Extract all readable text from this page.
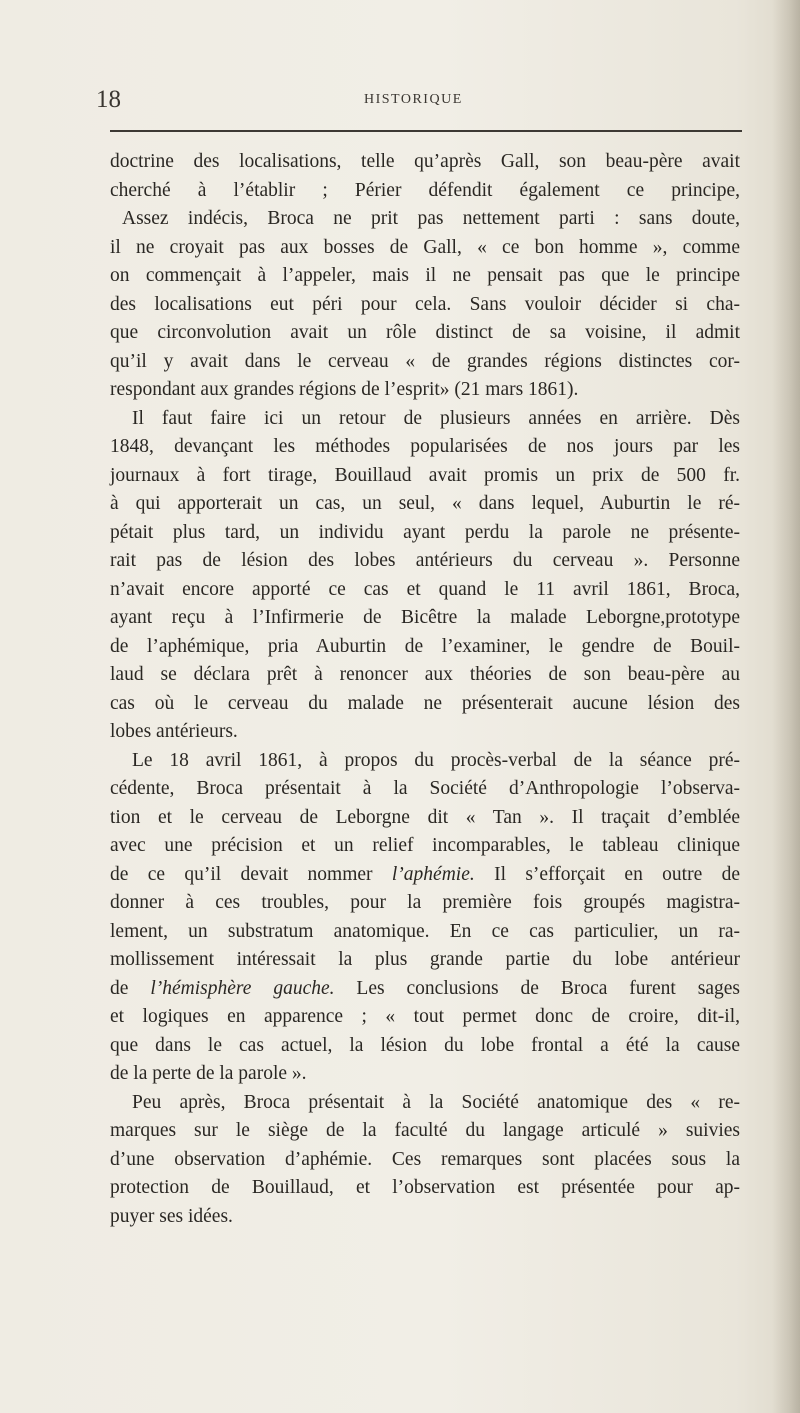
18	HISTORIQUE
doctrine des localisations, telle qu’après Gall, son beau-père avait
cherché à l’établir ; Périer défendit également ce principe,
Assez indécis, Broca ne prit pas nettement parti : sans doute,
il ne croyait pas aux bosses de Gall, « ce bon homme », comme
on commençait à l’appeler, mais il ne pensait pas que le principe
des localisations eut péri pour cela. Sans vouloir décider si cha-
que circonvolution avait un rôle distinct de sa voisine, il admit
qu’il y avait dans le cerveau « de grandes régions distinctes cor-
respondant aux grandes régions de l’esprit» (21 mars 1861).
Il faut faire ici un retour de plusieurs années en arrière. Dès
1848, devançant les méthodes popularisées de nos jours par les
journaux à fort tirage, Bouillaud avait promis un prix de 500 fr.
à qui apporterait un cas, un seul, « dans lequel, Auburtin le ré-
pétait plus tard, un individu ayant perdu la parole ne présente-
rait pas de lésion des lobes antérieurs du cerveau ». Personne
n’avait encore apporté ce cas et quand le 11 avril 1861, Broca,
ayant reçu à l’Infirmerie de Bicêtre la malade Leborgne,prototype
de l’aphémique, pria Auburtin de l’examiner, le gendre de Bouil-
laud se déclara prêt à renoncer aux théories de son beau-père au
cas où le cerveau du malade ne présenterait aucune lésion des
lobes antérieurs.
Le 18 avril 1861, à propos du procès-verbal de la séance pré-
cédente, Broca présentait à la Société d’Anthropologie l’observa-
tion et le cerveau de Leborgne dit « Tan ». Il traçait d’emblée
avec une précision et un relief incomparables, le tableau clinique
de ce qu’il devait nommer l’aphémie. Il s’efforçait en outre de
donner à ces troubles, pour la première fois groupés magistra-
lement, un substratum anatomique. En ce cas particulier, un ra-
mollissement intéressait la plus grande partie du lobe antérieur
de l’hémisphère gauche. Les conclusions de Broca furent sages
et logiques en apparence ; « tout permet donc de croire, dit-il,
que dans le cas actuel, la lésion du lobe frontal a été la cause
de la perte de la parole ».
Peu après, Broca présentait à la Société anatomique des « re-
marques sur le siège de la faculté du langage articulé » suivies
d’une observation d’aphémie. Ces remarques sont placées sous la
protection de Bouillaud, et l’observation est présentée pour ap-
puyer ses idées.
